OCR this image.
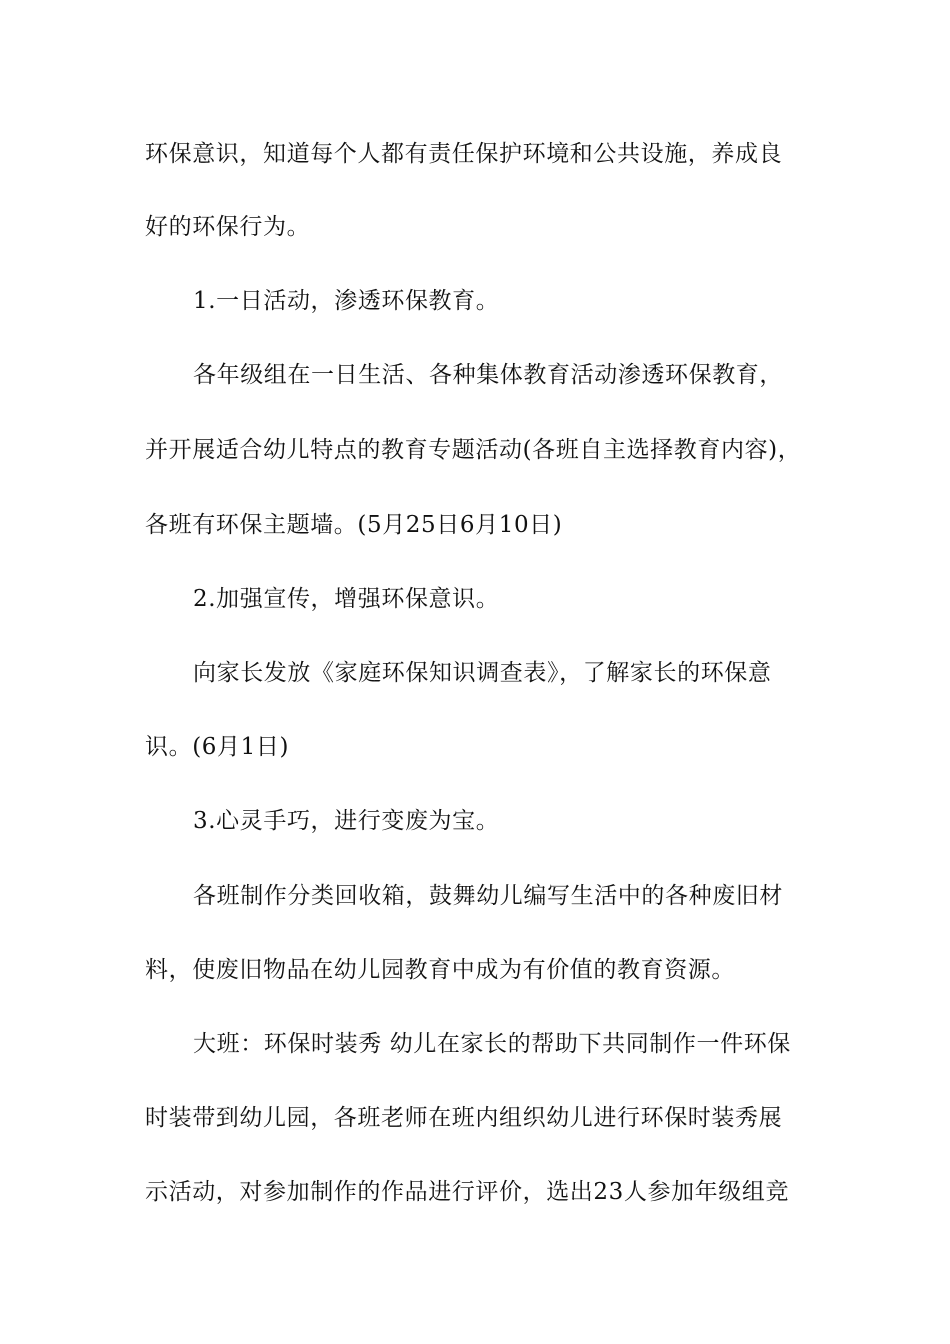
环保意识，知道每个人都有责任保护环境和公共设施，养成良
好的环保行为。
1.一日活动，渗透环保教育。
各年级组在一日生活、各种集体教育活动渗透环保教育，
并开展适合幼儿特点的教育专题活动(各班自主选择教育内容)，
各班有环保主题墙。(5月25日6月10日)
2.加强宣传，增强环保意识。
向家长发放《家庭环保知识调查表》，了解家长的环保意
识。(6月1日)
3.心灵手巧，进行变废为宝。
各班制作分类回收箱，鼓舞幼儿编写生活中的各种废旧材
料，使废旧物品在幼儿园教育中成为有价值的教育资源。
大班：环保时装秀 幼儿在家长的帮助下共同制作一件环保
时装带到幼儿园，各班老师在班内组织幼儿进行环保时装秀展
示活动，对参加制作的作品进行评价，选出23人参加年级组竞
